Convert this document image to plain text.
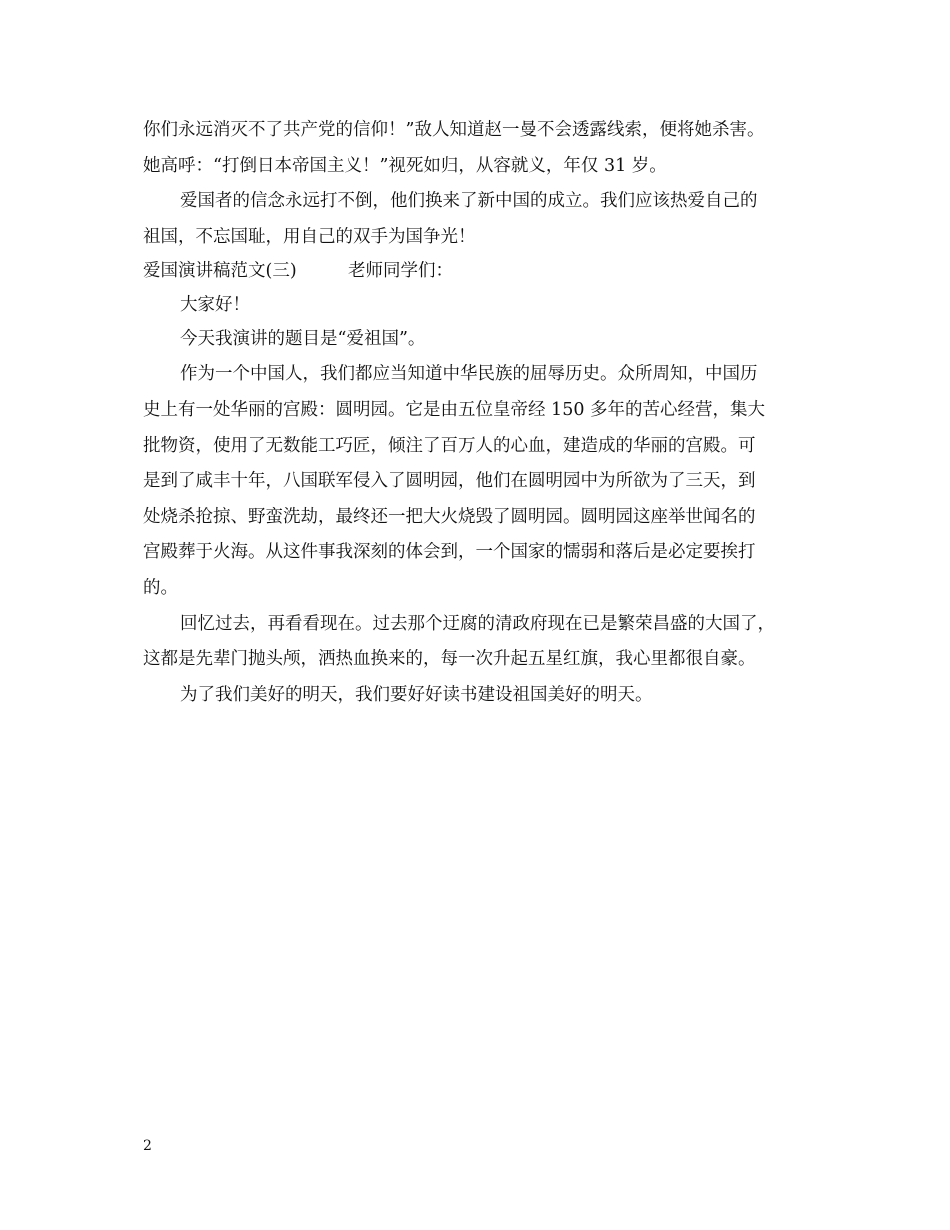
你们永远消灭不了共产党的信仰！”敌人知道赵一曼不会透露线索，便将她杀害。
她高呼：“打倒日本帝国主义！”视死如归，从容就义，年仅 31 岁。
爱国者的信念永远打不倒，他们换来了新中国的成立。我们应该热爱自己的
祖国，不忘国耻，用自己的双手为国争光！
爱国演讲稿范文(三)	老师同学们：
大家好！
今天我演讲的题目是“爱祖国”。
作为一个中国人，我们都应当知道中华民族的屈辱历史。众所周知，中国历
史上有一处华丽的宫殿：圆明园。它是由五位皇帝经 150 多年的苦心经营，集大
批物资，使用了无数能工巧匠，倾注了百万人的心血，建造成的华丽的宫殿。可
是到了咸丰十年，八国联军侵入了圆明园，他们在圆明园中为所欲为了三天，到
处烧杀抢掠、野蛮洗劫，最终还一把大火烧毁了圆明园。圆明园这座举世闻名的
宫殿葬于火海。从这件事我深刻的体会到，一个国家的懦弱和落后是必定要挨打
的。
回忆过去，再看看现在。过去那个迂腐的清政府现在已是繁荣昌盛的大国了，
这都是先辈门抛头颅，洒热血换来的，每一次升起五星红旗，我心里都很自豪。
为了我们美好的明天，我们要好好读书建设祖国美好的明天。
2
